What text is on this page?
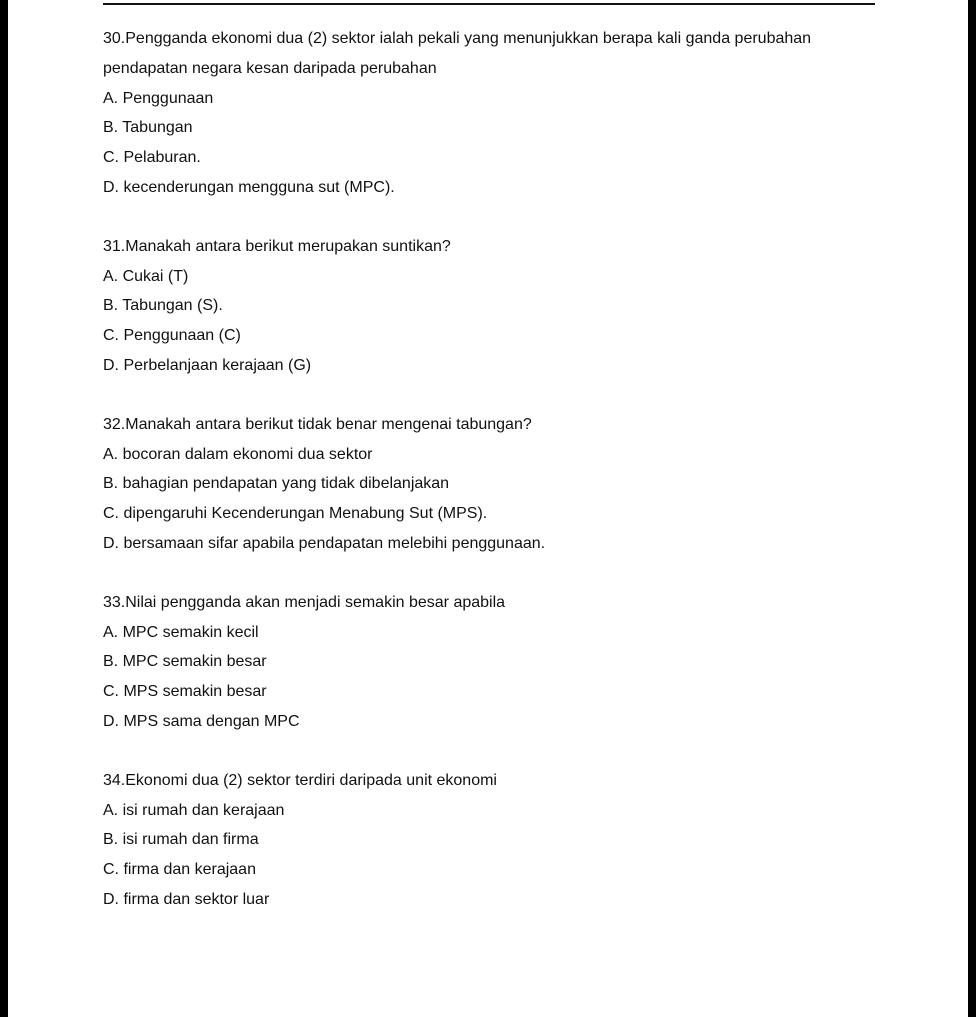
30.Pengganda ekonomi dua (2) sektor ialah pekali yang menunjukkan berapa kali ganda perubahan

pendapatan negara kesan daripada perubahan

A. Penggunaan

B. Tabungan

C. Pelaburan.

D. kecenderungan mengguna sut (MPC).

31.Manakah antara berikut merupakan suntikan?

A. Cukai (T)

B. Tabungan (S).

C. Penggunaan (C)

D. Perbelanjaan kerajaan (G)

32.Manakah antara berikut tidak benar mengenai tabungan?

A. bocoran dalam ekonomi dua sektor

B. bahagian pendapatan yang tidak dibelanjakan

C. dipengaruhi Kecenderungan Menabung Sut (MPS).

D. bersamaan sifar apabila pendapatan melebihi penggunaan.

33.Nilai pengganda akan menjadi semakin besar apabila

A. MPC semakin kecil

B. MPC semakin besar

C. MPS semakin besar

D. MPS sama dengan MPC

34.Ekonomi dua (2) sektor terdiri daripada unit ekonomi

A. isi rumah dan kerajaan

B. isi rumah dan firma

C. firma dan kerajaan

D. firma dan sektor luar
